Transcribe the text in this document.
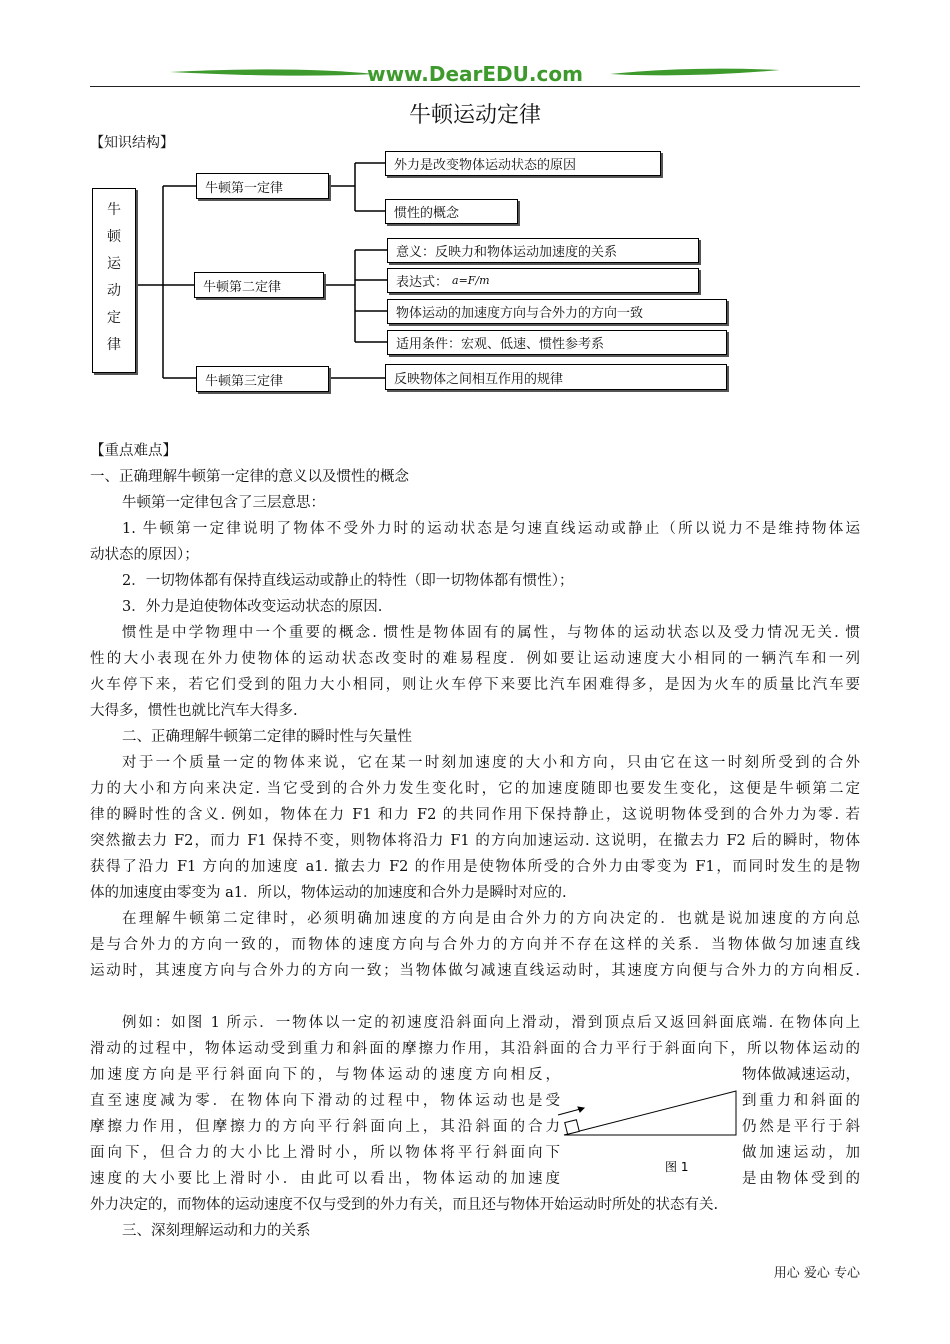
www.DearEDU.com
牛顿运动定律
【知识结构】
牛
顿
运
动
定
律
牛顿第一定律
外力是改变物体运动状态的原因
惯性的概念
牛顿第二定律
意义：反映力和物体运动加速度的关系
表达式： a=F/m
物体运动的加速度方向与合外力的方向一致
适用条件：宏观、低速、惯性参考系
牛顿第三定律	反映物体之间相互作用的规律
【重点难点】
一、正确理解牛顿第一定律的意义以及惯性的概念
牛顿第一定律包含了三层意思：
1. 牛顿第一定律说明了物体不受外力时的运动状态是匀速直线运动或静止（所以说力不是维持物体运
动状态的原因）；
2．一切物体都有保持直线运动或静止的特性（即一切物体都有惯性）；
3．外力是迫使物体改变运动状态的原因.
惯性是中学物理中一个重要的概念. 惯性是物体固有的属性，与物体的运动状态以及受力情况无关. 惯
性的大小表现在外力使物体的运动状态改变时的难易程度．例如要让运动速度大小相同的一辆汽车和一列
火车停下来，若它们受到的阻力大小相同，则让火车停下来要比汽车困难得多，是因为火车的质量比汽车要
大得多，惯性也就比汽车大得多.
二、正确理解牛顿第二定律的瞬时性与矢量性
对于一个质量一定的物体来说，它在某一时刻加速度的大小和方向，只由它在这一时刻所受到的合外
力的大小和方向来决定. 当它受到的合外力发生变化时，它的加速度随即也要发生变化，这便是牛顿第二定
律的瞬时性的含义. 例如，物体在力 F1 和力 F2 的共同作用下保持静止，这说明物体受到的合外力为零. 若
突然撤去力 F2，而力 F1 保持不变，则物体将沿力 F1 的方向加速运动. 这说明，在撤去力 F2 后的瞬时，物体
获得了沿力 F1 方向的加速度 a1. 撤去力 F2 的作用是使物体所受的合外力由零变为 F1，而同时发生的是物
体的加速度由零变为 a1．所以，物体运动的加速度和合外力是瞬时对应的.
在理解牛顿第二定律时，必须明确加速度的方向是由合外力的方向决定的．也就是说加速度的方向总
是与合外力的方向一致的，而物体的速度方向与合外力的方向并不存在这样的关系．当物体做匀加速直线
运动时，其速度方向与合外力的方向一致；当物体做匀减速直线运动时，其速度方向便与合外力的方向相反.
例如：如图 1 所示．一物体以一定的初速度沿斜面向上滑动，滑到顶点后又返回斜面底端. 在物体向上
滑动的过程中，物体运动受到重力和斜面的摩擦力作用，其沿斜面的合力平行于斜面向下，所以物体运动的
加速度方向是平行斜面向下的，与物体运动的速度方向相反，
直至速度减为零．在物体向下滑动的过程中，物体运动也是受
摩擦力作用，但摩擦力的方向平行斜面向上，其沿斜面的合力
面向下，但合力的大小比上滑时小，所以物体将平行斜面向下
速度的大小要比上滑时小．由此可以看出，物体运动的加速度
物体做减速运动，
到重力和斜面的
仍然是平行于斜
做加速运动，加
是由物体受到的
图 1
外力决定的，而物体的运动速度不仅与受到的外力有关，而且还与物体开始运动时所处的状态有关.
三、深刻理解运动和力的关系
用心 爱心 专心
